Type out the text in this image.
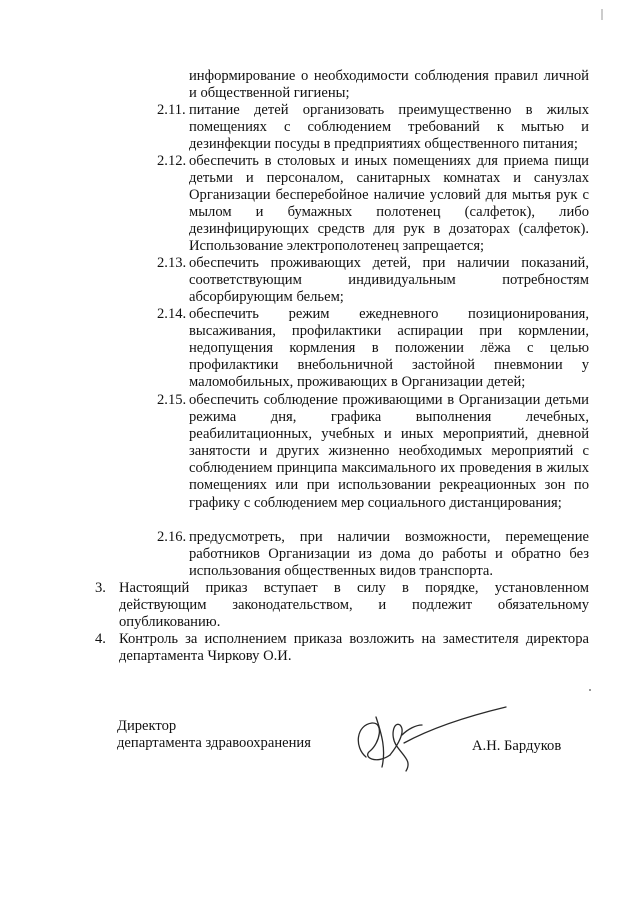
информирование о необходимости соблюдения правил личной и общественной гигиены;
2.11. питание детей организовать преимущественно в жилых помещениях с соблюдением требований к мытью и дезинфекции посуды в предприятиях общественного питания;
2.12. обеспечить в столовых и иных помещениях для приема пищи детьми и персоналом, санитарных комнатах и санузлах Организации бесперебойное наличие условий для мытья рук с мылом и бумажных полотенец (салфеток), либо дезинфицирующих средств для рук в дозаторах (салфеток). Использование электрополотенец запрещается;
2.13. обеспечить проживающих детей, при наличии показаний, соответствующим индивидуальным потребностям абсорбирующим бельем;
2.14. обеспечить режим ежедневного позиционирования, высаживания, профилактики аспирации при кормлении, недопущения кормления в положении лёжа с целью профилактики внебольничной застойной пневмонии у маломобильных, проживающих в Организации детей;
2.15. обеспечить соблюдение проживающими в Организации детьми режима дня, графика выполнения лечебных, реабилитационных, учебных и иных мероприятий, дневной занятости и других жизненно необходимых мероприятий с соблюдением принципа максимального их проведения в жилых помещениях или при использовании рекреационных зон по графику с соблюдением мер социального дистанцирования;
2.16. предусмотреть, при наличии возможности, перемещение работников Организации из дома до работы и обратно без использования общественных видов транспорта.
3. Настоящий приказ вступает в силу в порядке, установленном действующим законодательством, и подлежит обязательному опубликованию.
4. Контроль за исполнением приказа возложить на заместителя директора департамента Чиркову О.И.
Директор
департамента здравоохранения	А.Н. Бардуков
